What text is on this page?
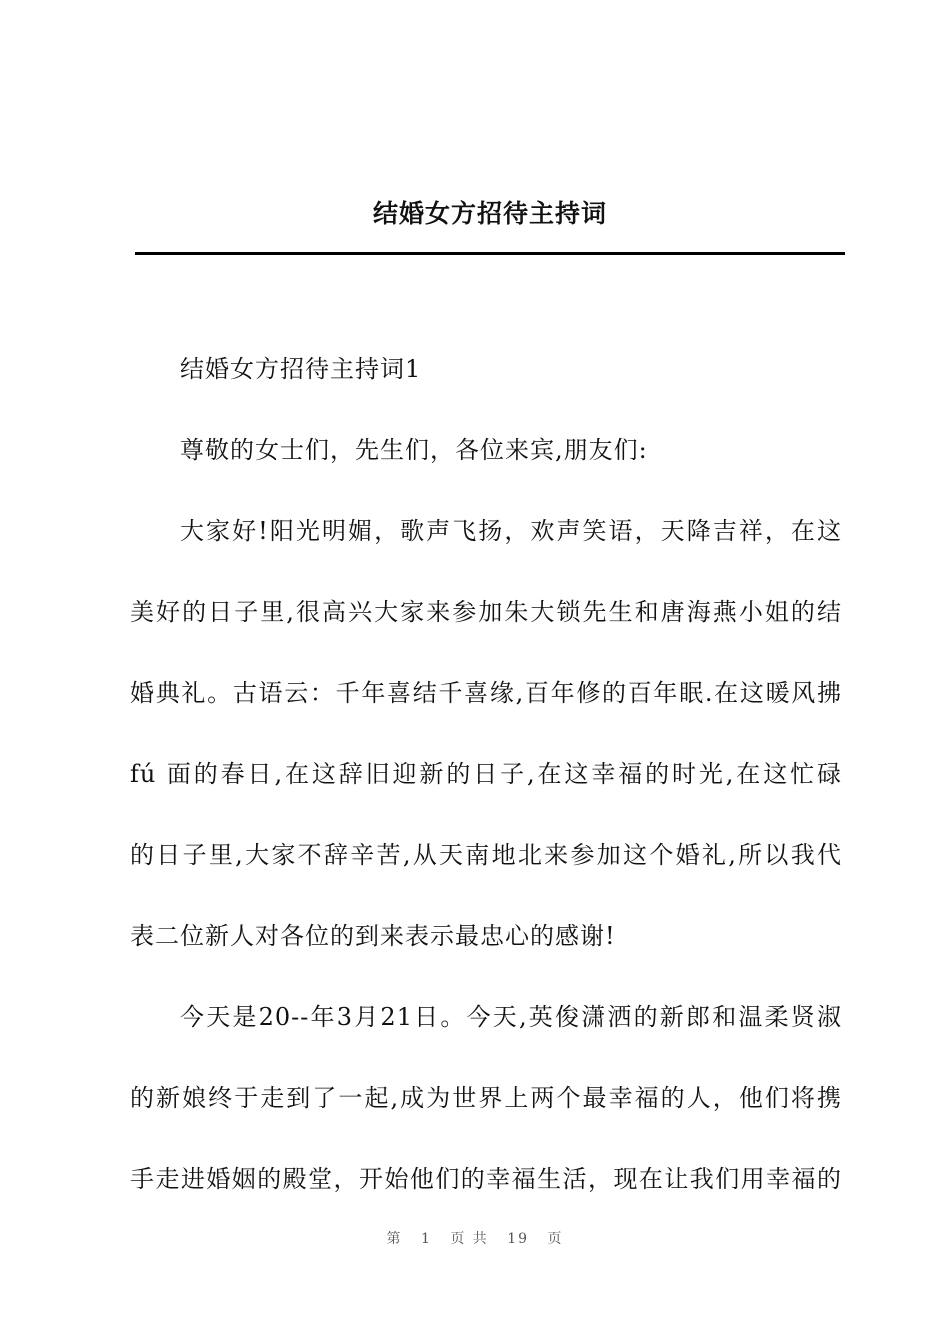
结婚女方招待主持词
结婚女方招待主持词1
尊敬的女士们，先生们，各位来宾,朋友们:
大家好!阳光明媚，歌声飞扬，欢声笑语，天降吉祥，在这
美好的日子里,很高兴大家来参加朱大锁先生和唐海燕小姐的结
婚典礼。古语云：千年喜结千喜缘,百年修的百年眠.在这暖风拂
fú 面的春日,在这辞旧迎新的日子,在这幸福的时光,在这忙碌
的日子里,大家不辞辛苦,从天南地北来参加这个婚礼,所以我代
表二位新人对各位的到来表示最忠心的感谢!
今天是20--年3月21日。今天,英俊潇洒的新郎和温柔贤淑
的新娘终于走到了一起,成为世界上两个最幸福的人，他们将携
手走进婚姻的殿堂，开始他们的幸福生活，现在让我们用幸福的
第 1 页 共 19 页
